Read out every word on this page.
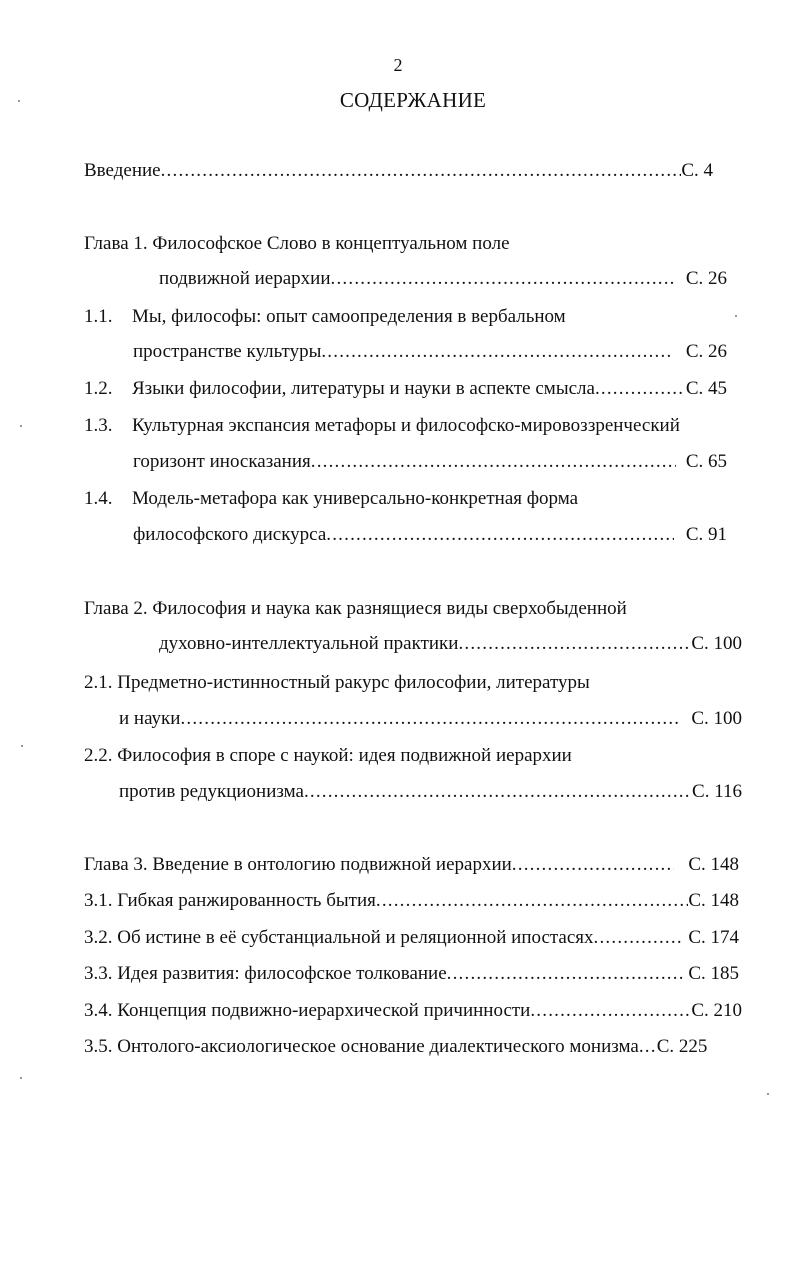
2
СОДЕРЖАНИЕ
Введение .....	С. 4
Глава 1. Философское Слово в концептуальном поле
подвижной иерархии .....	С. 26
1.1. Мы, философы: опыт самоопределения в вербальном
пространстве культуры .....	С. 26
1.2. Языки философии, литературы и науки в аспекте смысла .....	С. 45
1.3. Культурная экспансия метафоры и философско-мировоззренческий
горизонт иносказания .....	С. 65
1.4. Модель-метафора как универсально-конкретная форма
философского дискурса .....	С. 91
Глава 2. Философия и наука как разнящиеся виды сверхобыденной
духовно-интеллектуальной практики .....	С. 100
2.1. Предметно-истинностный ракурс философии, литературы
и науки .....	С. 100
2.2. Философия в споре с наукой: идея подвижной иерархии
против редукционизма .....	С. 116
Глава 3. Введение в онтологию подвижной иерархии .....	С. 148
3.1. Гибкая ранжированность бытия .....	С. 148
3.2. Об истине в её субстанциальной и реляционной ипостасях .....	С. 174
3.3. Идея развития: философское толкование .....	С. 185
3.4. Концепция подвижно-иерархической причинности .....	С. 210
3.5. Онтолого-аксиологическое основание диалектического монизма ... С. 225
